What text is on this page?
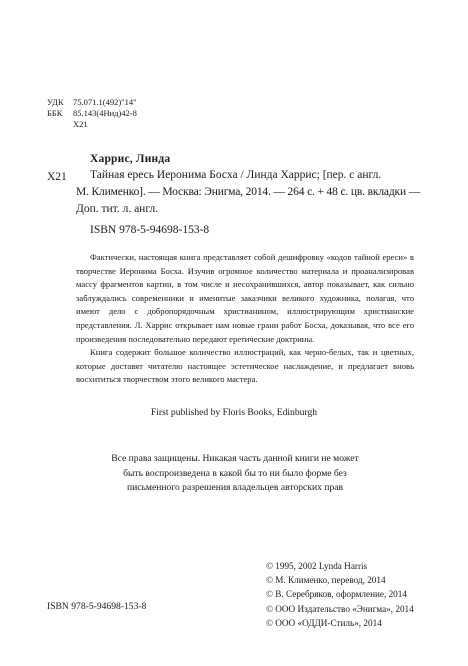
УДК 75.071.1(492)"14"
ББК 85.143(4Нид)42-8
Х21
Х21
Харрис, Линда
Тайная ересь Иеронима Босха / Линда Харрис; [пер. с англ.
М. Клименко]. — Москва: Энигма, 2014. — 264 с. + 48 с. цв. вкладки —
Доп. тит. л. англ.
ISBN 978-5-94698-153-8

Фактически, настоящая книга представляет собой дешифровку «кодов тайной ереси» в творчестве Иеронима Босха. Изучив огромное количество материала и проанализировав массу фрагментов картин, в том числе и несохранившихся, автор показывает, как сильно заблуждались современники и именитые заказчики великого художника, полагая, что имеют дело с добропорядочным христианином, иллюстрирующим христианские представления. Л. Харрис открывает нам новые грани работ Босха, доказывая, что все его произведения последовательно передают еретические доктрины.

Книга содержит большое количество иллюстраций, как черно-белых, так и цветных, которые доставят читателю настоящее эстетическое наслаждение, и предлагает вновь восхититься творчеством этого великого мастера.

First published by Floris Books, Edinburgh
Все права защищены. Никакая часть данной книги не может
быть воспроизведена в какой бы то ни было форме без
письменного разрешения владельцев авторских прав
© 1995, 2002 Lynda Harris
© М. Клименко, перевод, 2014
© В. Серебряков, оформление, 2014
© ООО Издательство «Энигма», 2014
© ООО «ОДДИ-Стиль», 2014
ISBN 978-5-94698-153-8
